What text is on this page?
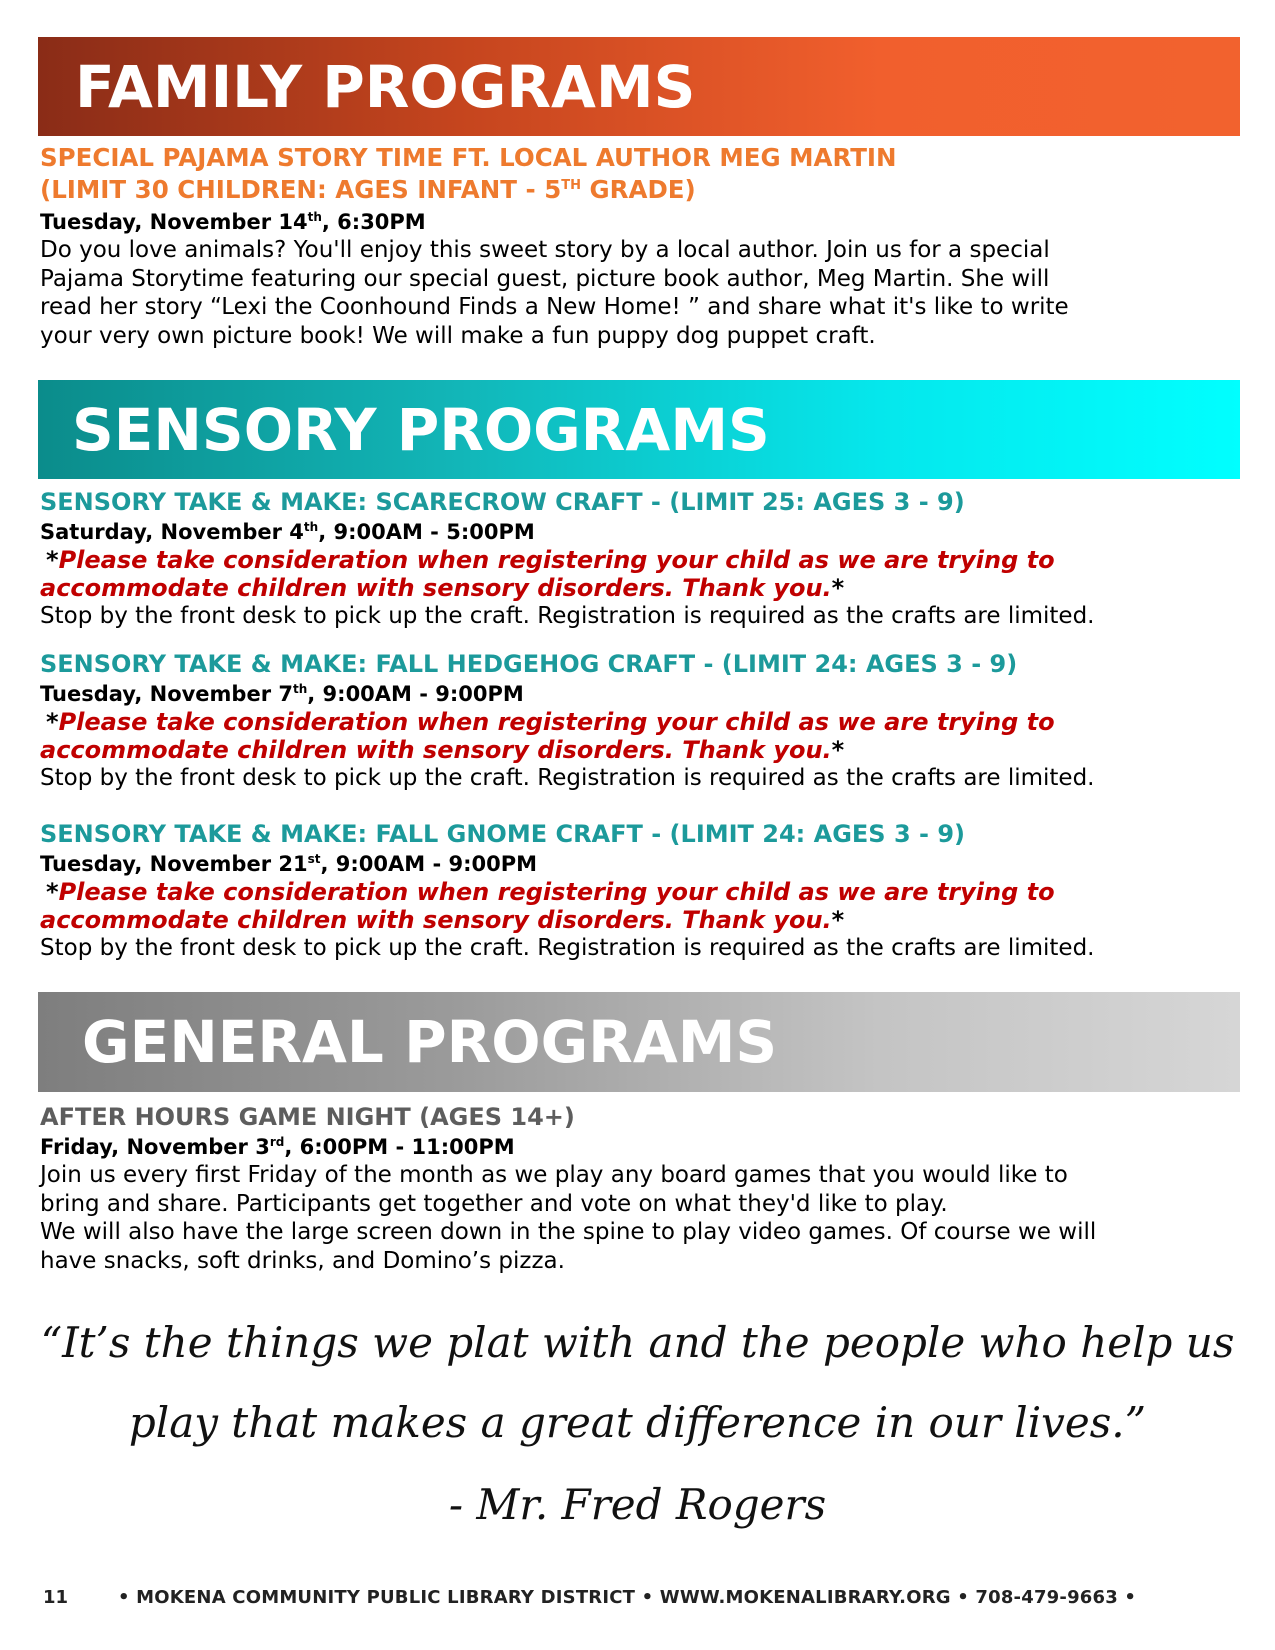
FAMILY PROGRAMS
SPECIAL PAJAMA STORY TIME FT. LOCAL AUTHOR MEG MARTIN
(LIMIT 30 CHILDREN: AGES INFANT - 5TH GRADE)
Tuesday, November 14th, 6:30PM
Do you love animals? You'll enjoy this sweet story by a local author. Join us for a special
Pajama Storytime featuring our special guest, picture book author, Meg Martin. She will
read her story “Lexi the Coonhound Finds a New Home! ” and share what it's like to write
your very own picture book! We will make a fun puppy dog puppet craft.
SENSORY PROGRAMS
SENSORY TAKE & MAKE: SCARECROW CRAFT - (LIMIT 25: AGES 3 - 9)
Saturday, November 4th, 9:00AM - 5:00PM
*Please take consideration when registering your child as we are trying to
accommodate children with sensory disorders. Thank you.*
Stop by the front desk to pick up the craft. Registration is required as the crafts are limited.
SENSORY TAKE & MAKE: FALL HEDGEHOG CRAFT - (LIMIT 24: AGES 3 - 9)
Tuesday, November 7th, 9:00AM - 9:00PM
*Please take consideration when registering your child as we are trying to
accommodate children with sensory disorders. Thank you.*
Stop by the front desk to pick up the craft. Registration is required as the crafts are limited.
SENSORY TAKE & MAKE: FALL GNOME CRAFT - (LIMIT 24: AGES 3 - 9)
Tuesday, November 21st, 9:00AM - 9:00PM
*Please take consideration when registering your child as we are trying to
accommodate children with sensory disorders. Thank you.*
Stop by the front desk to pick up the craft. Registration is required as the crafts are limited.
GENERAL PROGRAMS
AFTER HOURS GAME NIGHT (AGES 14+)
Friday, November 3rd, 6:00PM - 11:00PM
Join us every first Friday of the month as we play any board games that you would like to
bring and share. Participants get together and vote on what they'd like to play.
We will also have the large screen down in the spine to play video games. Of course we will
have snacks, soft drinks, and Domino’s pizza.
“It’s the things we plat with and the people who help us
play that makes a great difference in our lives.”
- Mr. Fred Rogers
11	• MOKENA COMMUNITY PUBLIC LIBRARY DISTRICT • WWW.MOKENALIBRARY.ORG • 708-479-9663 •
